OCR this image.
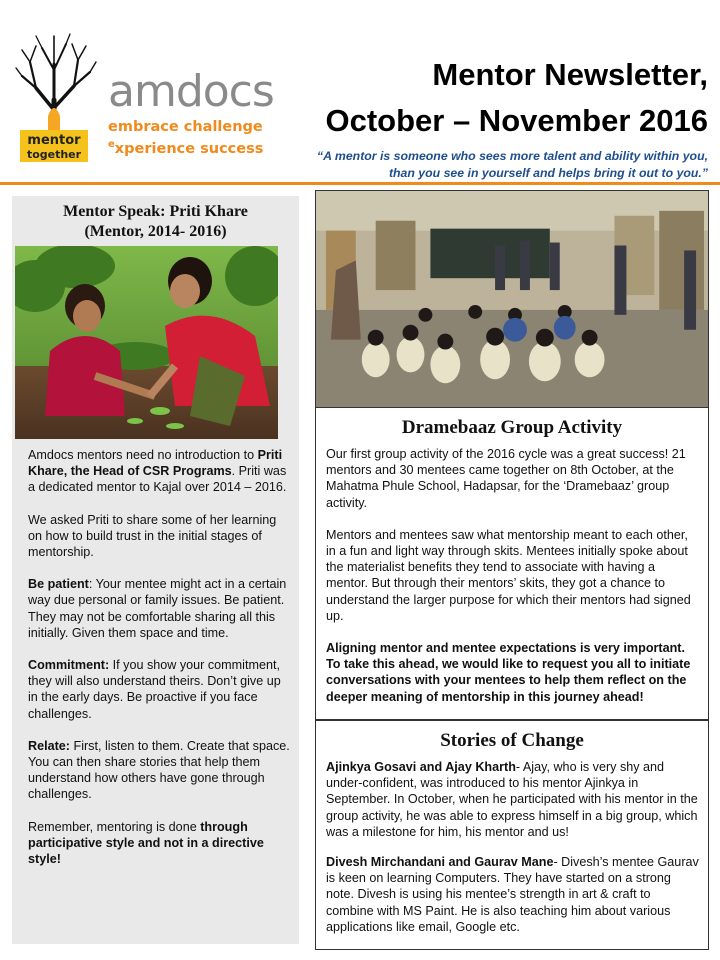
mentor
together
amdocs
embrace challenge
$^e$xperience success
Mentor Newsletter,
October – November 2016
“A mentor is someone who sees more talent and ability within you, than you see in yourself and helps bring it out to you.”
Mentor Speak: Priti Khare
(Mentor, 2014- 2016)

Amdocs mentors need no introduction to Priti Khare, the Head of CSR Programs. Priti was a dedicated mentor to Kajal over 2014 – 2016.

We asked Priti to share some of her learning on how to build trust in the initial stages of mentorship.

Be patient: Your mentee might act in a certain way due personal or family issues. Be patient. They may not be comfortable sharing all this initially. Given them space and time.

Commitment: If you show your commitment, they will also understand theirs. Don’t give up in the early days. Be proactive if you face challenges.

Relate: First, listen to them. Create that space. You can then share stories that help them understand how others have gone through challenges.

Remember, mentoring is done through participative style and not in a directive style!

Dramebaaz Group Activity

Our first group activity of the 2016 cycle was a great success! 21 mentors and 30 mentees came together on 8th October, at the Mahatma Phule School, Hadapsar, for the ‘Dramebaaz’ group activity.

Mentors and mentees saw what mentorship meant to each other, in a fun and light way through skits. Mentees initially spoke about the materialist benefits they tend to associate with having a mentor. But through their mentors’ skits, they got a chance to understand the larger purpose for which their mentors had signed up.

Aligning mentor and mentee expectations is very important. To take this ahead, we would like to request you all to initiate conversations with your mentees to help them reflect on the deeper meaning of mentorship in this journey ahead!

Stories of Change

Ajinkya Gosavi and Ajay Kharth- Ajay, who is very shy and under-confident, was introduced to his mentor Ajinkya in September. In October, when he participated with his mentor in the group activity, he was able to express himself in a big group, which was a milestone for him, his mentor and us!

Divesh Mirchandani and Gaurav Mane- Divesh’s mentee Gaurav is keen on learning Computers. They have started on a strong note. Divesh is using his mentee’s strength in art & craft to combine with MS Paint. He is also teaching him about various applications like email, Google etc.
